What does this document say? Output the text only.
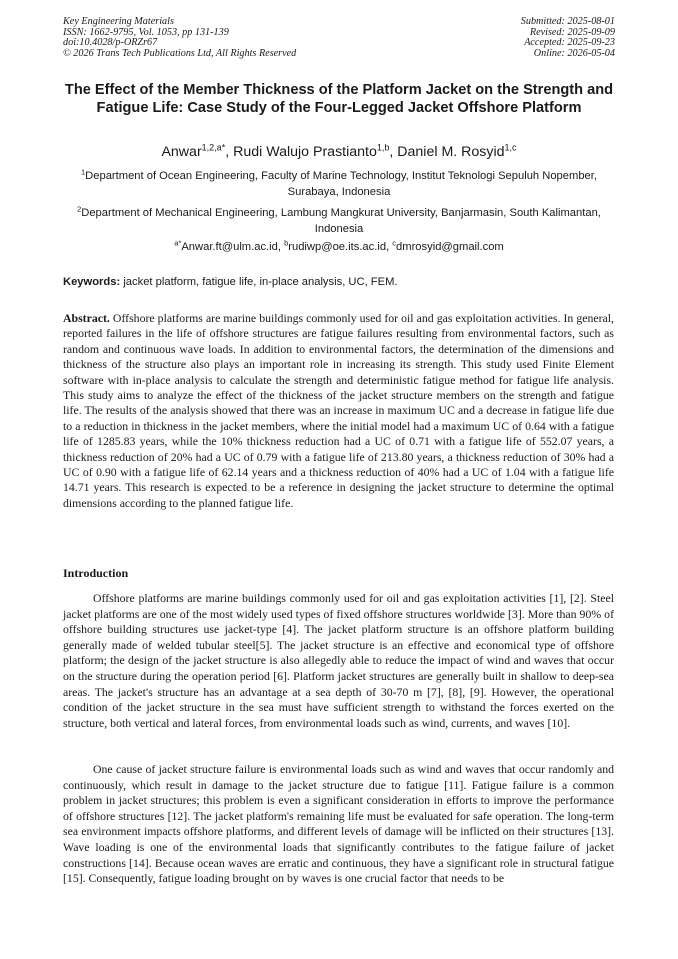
Key Engineering Materials
ISSN: 1662-9795, Vol. 1053, pp 131-139
doi:10.4028/p-ORZr67
© 2026 Trans Tech Publications Ltd, All Rights Reserved
Submitted: 2025-08-01
Revised: 2025-09-09
Accepted: 2025-09-23
Online: 2026-05-04
The Effect of the Member Thickness of the Platform Jacket on the Strength and Fatigue Life: Case Study of the Four-Legged Jacket Offshore Platform
Anwar$^{1,2,a*}$, Rudi Walujo Prastianto$^{1,b}$, Daniel M. Rosyid$^{1,c}$
$^1$Department of Ocean Engineering, Faculty of Marine Technology, Institut Teknologi Sepuluh Nopember, Surabaya, Indonesia
$^2$Department of Mechanical Engineering, Lambung Mangkurat University, Banjarmasin, South Kalimantan, Indonesia
$^{a*}$Anwar.ft@ulm.ac.id, $^b$rudiwp@oe.its.ac.id, $^c$dmrosyid@gmail.com
Keywords: jacket platform, fatigue life, in-place analysis, UC, FEM.
Abstract. Offshore platforms are marine buildings commonly used for oil and gas exploitation activities. In general, reported failures in the life of offshore structures are fatigue failures resulting from environmental factors, such as random and continuous wave loads. In addition to environmental factors, the determination of the dimensions and thickness of the structure also plays an important role in increasing its strength. This study used Finite Element software with in-place analysis to calculate the strength and deterministic fatigue method for fatigue life analysis. This study aims to analyze the effect of the thickness of the jacket structure members on the strength and fatigue life. The results of the analysis showed that there was an increase in maximum UC and a decrease in fatigue life due to a reduction in thickness in the jacket members, where the initial model had a maximum UC of 0.64 with a fatigue life of 1285.83 years, while the 10% thickness reduction had a UC of 0.71 with a fatigue life of 552.07 years, a thickness reduction of 20% had a UC of 0.79 with a fatigue life of 213.80 years, a thickness reduction of 30% had a UC of 0.90 with a fatigue life of 62.14 years and a thickness reduction of 40% had a UC of 1.04 with a fatigue life 14.71 years. This research is expected to be a reference in designing the jacket structure to determine the optimal dimensions according to the planned fatigue life.
Introduction

Offshore platforms are marine buildings commonly used for oil and gas exploitation activities [1], [2]. Steel jacket platforms are one of the most widely used types of fixed offshore structures worldwide [3]. More than 90% of offshore building structures use jacket-type [4]. The jacket platform structure is an offshore platform building generally made of welded tubular steel[5]. The jacket structure is an effective and economical type of offshore platform; the design of the jacket structure is also allegedly able to reduce the impact of wind and waves that occur on the structure during the operation period [6]. Platform jacket structures are generally built in shallow to deep-sea areas. The jacket's structure has an advantage at a sea depth of 30-70 m [7], [8], [9]. However, the operational condition of the jacket structure in the sea must have sufficient strength to withstand the forces exerted on the structure, both vertical and lateral forces, from environmental loads such as wind, currents, and waves [10].

One cause of jacket structure failure is environmental loads such as wind and waves that occur randomly and continuously, which result in damage to the jacket structure due to fatigue [11]. Fatigue failure is a common problem in jacket structures; this problem is even a significant consideration in efforts to improve the performance of offshore structures [12]. The jacket platform's remaining life must be evaluated for safe operation. The long-term sea environment impacts offshore platforms, and different levels of damage will be inflicted on their structures [13]. Wave loading is one of the environmental loads that significantly contributes to the fatigue failure of jacket constructions [14]. Because ocean waves are erratic and continuous, they have a significant role in structural fatigue [15]. Consequently, fatigue loading brought on by waves is one crucial factor that needs to be
